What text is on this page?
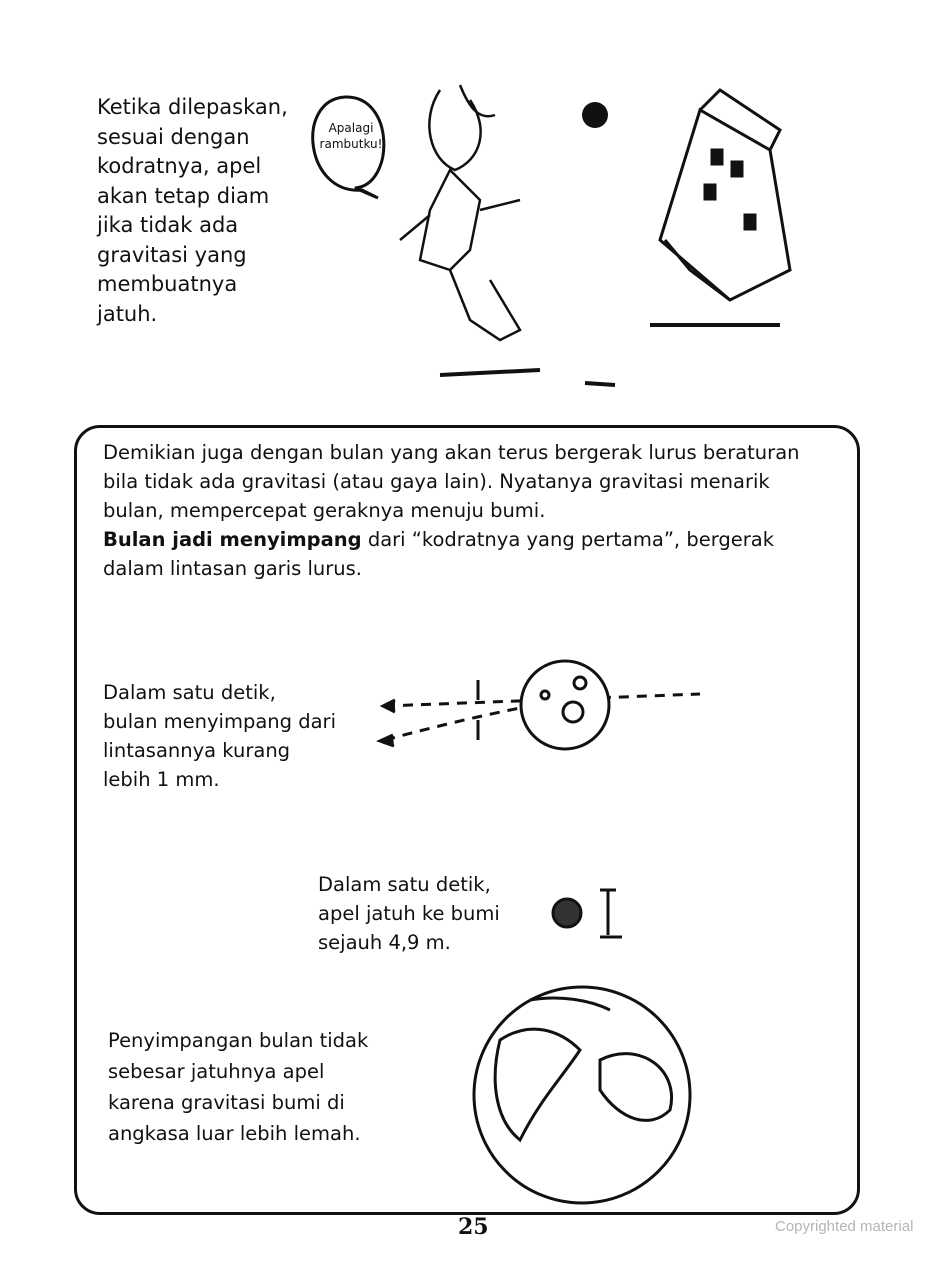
Ketika dilepaskan,
sesuai dengan
kodratnya, apel
akan tetap diam
jika tidak ada
gravitasi yang
membuatnya
jatuh.
Apalagi
rambutku!
Demikian juga dengan bulan yang akan terus bergerak lurus beraturan bila tidak ada gravitasi (atau gaya lain). Nyatanya gravitasi menarik bulan, mempercepat geraknya menuju bumi.
Bulan jadi menyimpang dari “kodratnya yang pertama”, bergerak dalam lintasan garis lurus.
Dalam satu detik,
bulan menyimpang dari
lintasannya kurang
lebih 1 mm.
Dalam satu detik,
apel jatuh ke bumi
sejauh 4,9 m.
Penyimpangan bulan tidak
sebesar jatuhnya apel
karena gravitasi bumi di
angkasa luar lebih lemah.
25	Copyrighted material
